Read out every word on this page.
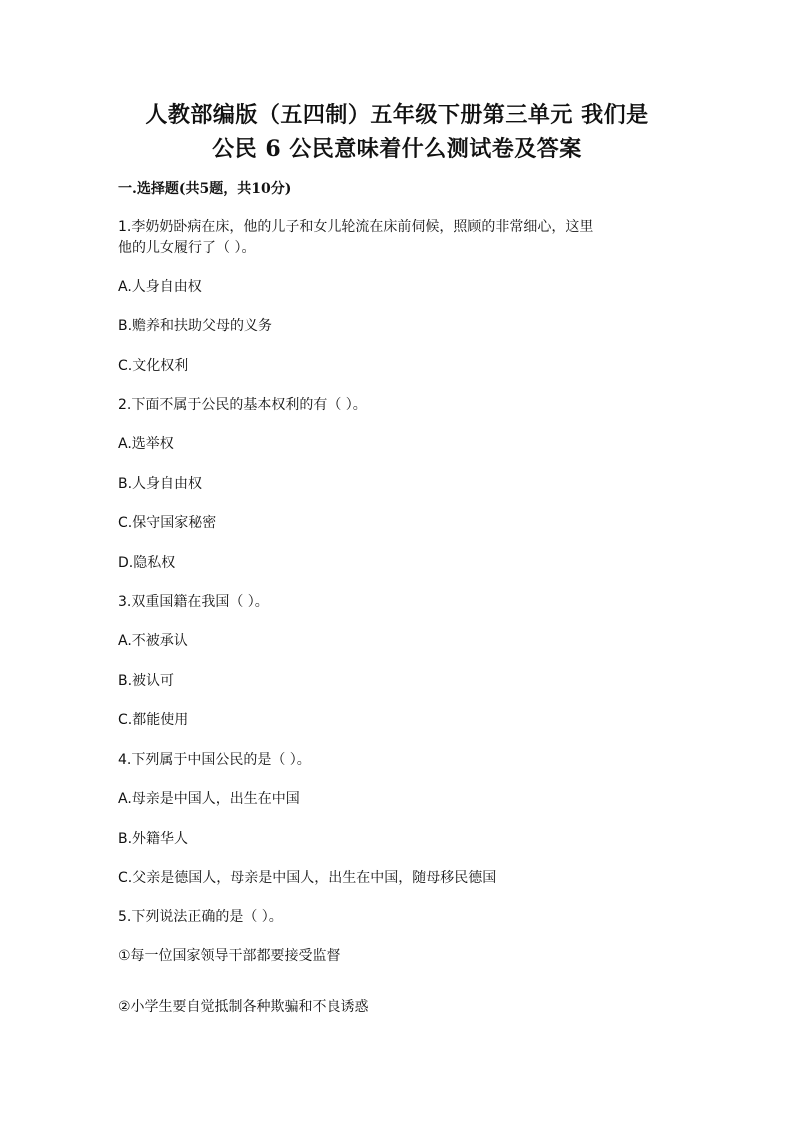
人教部编版（五四制）五年级下册第三单元 我们是
公民 6 公民意味着什么测试卷及答案
一.选择题(共5题，共10分)
1.李奶奶卧病在床，他的儿子和女儿轮流在床前伺候，照顾的非常细心，这里
他的儿女履行了（ ）。
A.人身自由权
B.赡养和扶助父母的义务
C.文化权利
2.下面不属于公民的基本权利的有（ ）。
A.选举权
B.人身自由权
C.保守国家秘密
D.隐私权
3.双重国籍在我国（ ）。
A.不被承认
B.被认可
C.都能使用
4.下列属于中国公民的是（ ）。
A.母亲是中国人，出生在中国
B.外籍华人
C.父亲是德国人，母亲是中国人，出生在中国，随母移民德国
5.下列说法正确的是（ ）。
①每一位国家领导干部都要接受监督
②小学生要自觉抵制各种欺骗和不良诱惑
